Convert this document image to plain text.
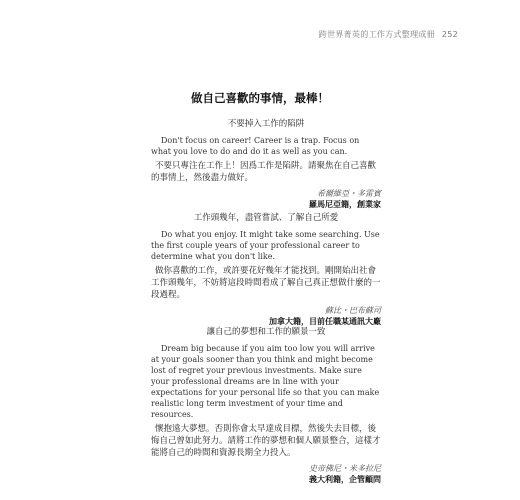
跨世界菁英的工作方式整理成冊 252
做自己喜歡的事情，最棒！
不要掉入工作的陷阱

Don't focus on career! Career is a trap. Focus on what you love to do and do it as well as you can.

不要只專注在工作上！因爲工作是陷阱。請聚焦在自己喜歡的事情上，然後盡力做好。

希爾維亞・多雷賓
羅馬尼亞籍，創業家
工作頭幾年，盡管嘗試、了解自己所愛

Do what you enjoy. It might take some searching. Use the first couple years of your professional career to determine what you don't like.

做你喜歡的工作，或許要花好幾年才能找到。剛開始出社會工作頭幾年，不妨將這段時間看成了解自己真正想做什麼的一段過程。

蘇比・巴布蘇司
加拿大籍，目前任職某通訊大廠
讓自己的夢想和工作的願景一致

Dream big because if you aim too low you will arrive at your goals sooner than you think and might become lost of regret your previous investments. Make sure your professional dreams are in line with your expectations for your personal life so that you can make realistic long term investment of your time and resources.

懷抱遠大夢想。否則你會太早達成目標，然後失去目標，後悔自己曾如此努力。請將工作的夢想和個人願景整合，這樣才能將自己的時間和資源長期全力投入。

史帝佛尼・米多拉尼
義大利籍，企管顧問
